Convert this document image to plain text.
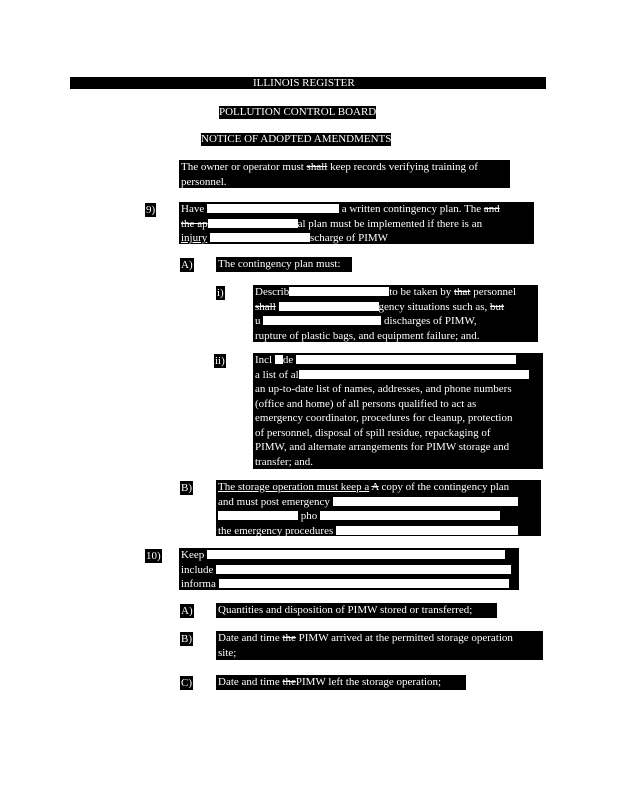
ILLINOIS REGISTER
POLLUTION CONTROL BOARD
NOTICE OF ADOPTED AMENDMENTS
The owner or operator must shall keep records verifying training of
personnel.
9) Have	a written contingency plan. The and
the ap	al plan must be implemented if there is an
injury	scharge of PIMW
A) The contingency plan must:
i)	Describ	to be taken by that personnel
shall	gency situations such as, but
u	discharges of PIMW,
rupture of plastic bags, and equipment failure; and.
ii)	Incl de
a list of al
an up-to-date list of names, addresses, and phone numbers
(office and home) of all persons qualified to act as
emergency coordinator, procedures for cleanup, protection
of personnel, disposal of spill residue, repackaging of
PIMW, and alternate arrangements for PIMW storage and
transfer; and.
B) The storage operation must keep a A copy of the contingency plan
and must post emergency
pho
the emergency procedures
10) Keep
include
informa
A) Quantities and disposition of PIMW stored or transferred;
B) Date and time the PIMW arrived at the permitted storage operation
site;
C) Date and time thePIMW left the storage operation;
